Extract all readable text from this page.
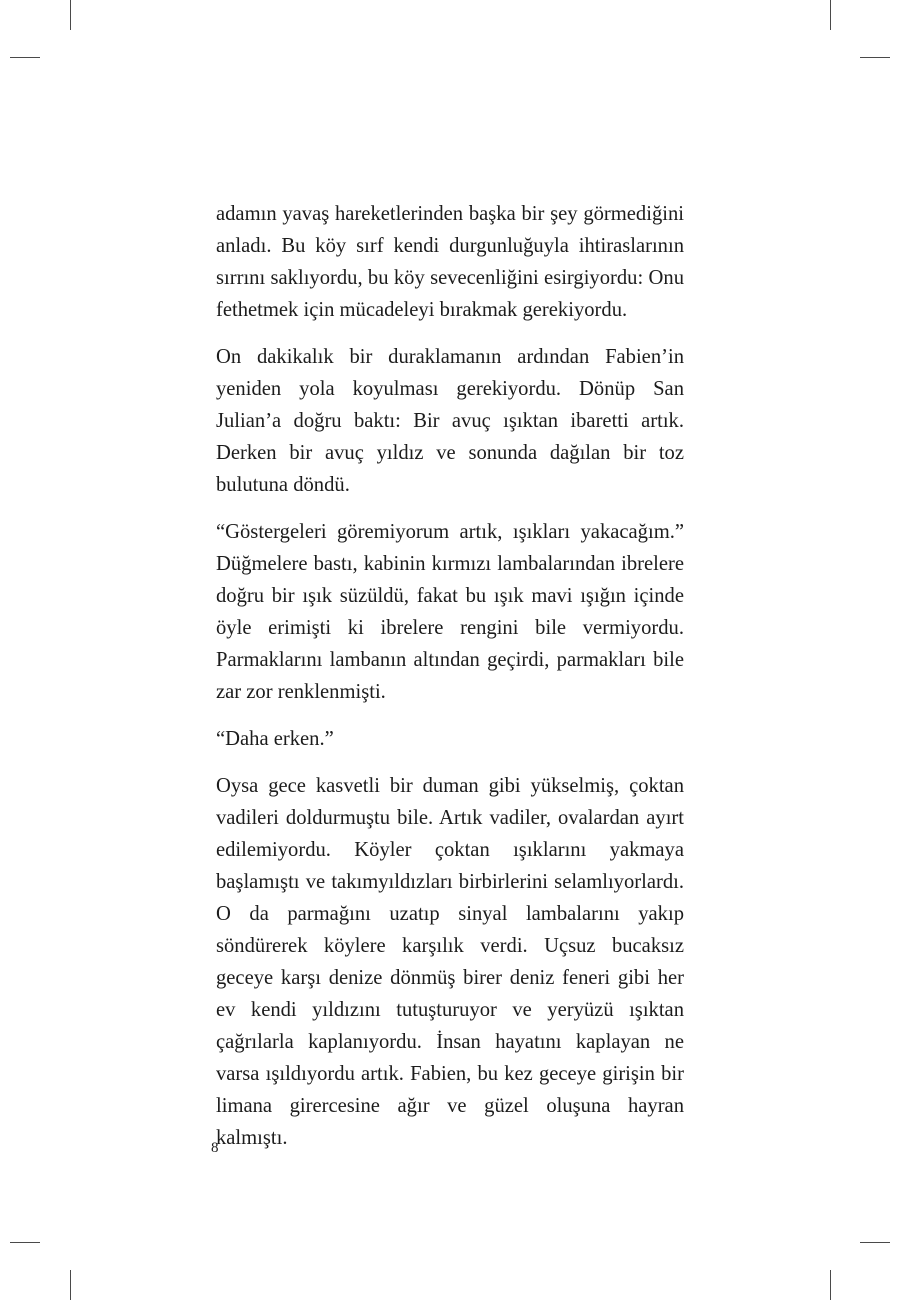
adamın yavaş hareketlerinden başka bir şey görmediğini anladı. Bu köy sırf kendi durgunluğuyla ihtiraslarının sırrını saklıyordu, bu köy sevecenliğini esirgiyordu: Onu fethetmek için mücadeleyi bırakmak gerekiyordu.

On dakikalık bir duraklamanın ardından Fabien’in yeniden yola koyulması gerekiyordu. Dönüp San Julian’a doğru baktı: Bir avuç ışıktan ibaretti artık. Derken bir avuç yıldız ve sonunda dağılan bir toz bulutuna döndü.

“Göstergeleri göremiyorum artık, ışıkları yakacağım.” Düğmelere bastı, kabinin kırmızı lambalarından ibrelere doğru bir ışık süzüldü, fakat bu ışık mavi ışığın içinde öyle erimişti ki ibrelere rengini bile vermiyordu. Parmaklarını lambanın altından geçirdi, parmakları bile zar zor renklenmişti.

“Daha erken.”

Oysa gece kasvetli bir duman gibi yükselmiş, çoktan vadileri doldurmuştu bile. Artık vadiler, ovalardan ayırt edilemiyordu. Köyler çoktan ışıklarını yakmaya başlamıştı ve takımyıldızları birbirlerini selamlıyorlardı. O da parmağını uzatıp sinyal lambalarını yakıp söndürerek köylere karşılık verdi. Uçsuz bucaksız geceye karşı denize dönmüş birer deniz feneri gibi her ev kendi yıldızını tutuşturuyor ve yeryüzü ışıktan çağrılarla kaplanıyordu. İnsan hayatını kaplayan ne varsa ışıldıyordu artık. Fabien, bu kez geceye girişin bir limana girercesine ağır ve güzel oluşuna hayran kalmıştı.

8
